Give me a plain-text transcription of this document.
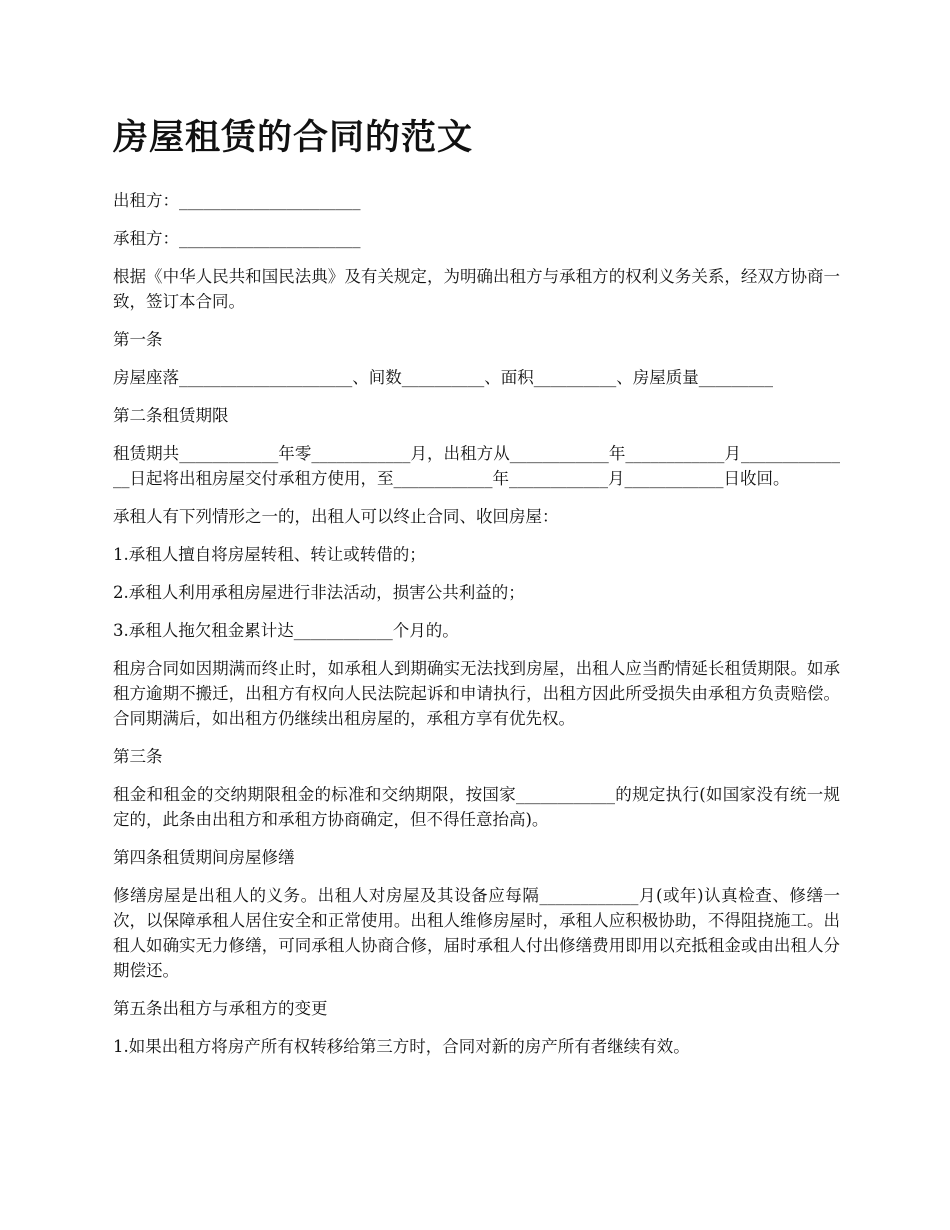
房屋租赁的合同的范文

出租方：______________________

承租方：______________________

根据《中华人民共和国民法典》及有关规定，为明确出租方与承租方的权利义务关系，经双方协商一致，签订本合同。

第一条

房屋座落_____________________、间数__________、面积__________、房屋质量_________

第二条租赁期限

租赁期共____________年零____________月，出租方从____________年____________月______________日起将出租房屋交付承租方使用，至____________年____________月____________日收回。

承租人有下列情形之一的，出租人可以终止合同、收回房屋：

1.承租人擅自将房屋转租、转让或转借的；

2.承租人利用承租房屋进行非法活动，损害公共利益的；

3.承租人拖欠租金累计达____________个月的。

租房合同如因期满而终止时，如承租人到期确实无法找到房屋，出租人应当酌情延长租赁期限。如承租方逾期不搬迁，出租方有权向人民法院起诉和申请执行，出租方因此所受损失由承租方负责赔偿。合同期满后，如出租方仍继续出租房屋的，承租方享有优先权。

第三条

租金和租金的交纳期限租金的标准和交纳期限，按国家____________的规定执行(如国家没有统一规定的，此条由出租方和承租方协商确定，但不得任意抬高)。

第四条租赁期间房屋修缮

修缮房屋是出租人的义务。出租人对房屋及其设备应每隔____________月(或年)认真检查、修缮一次，以保障承租人居住安全和正常使用。出租人维修房屋时，承租人应积极协助，不得阻挠施工。出租人如确实无力修缮，可同承租人协商合修，届时承租人付出修缮费用即用以充抵租金或由出租人分期偿还。

第五条出租方与承租方的变更

1.如果出租方将房产所有权转移给第三方时，合同对新的房产所有者继续有效。
